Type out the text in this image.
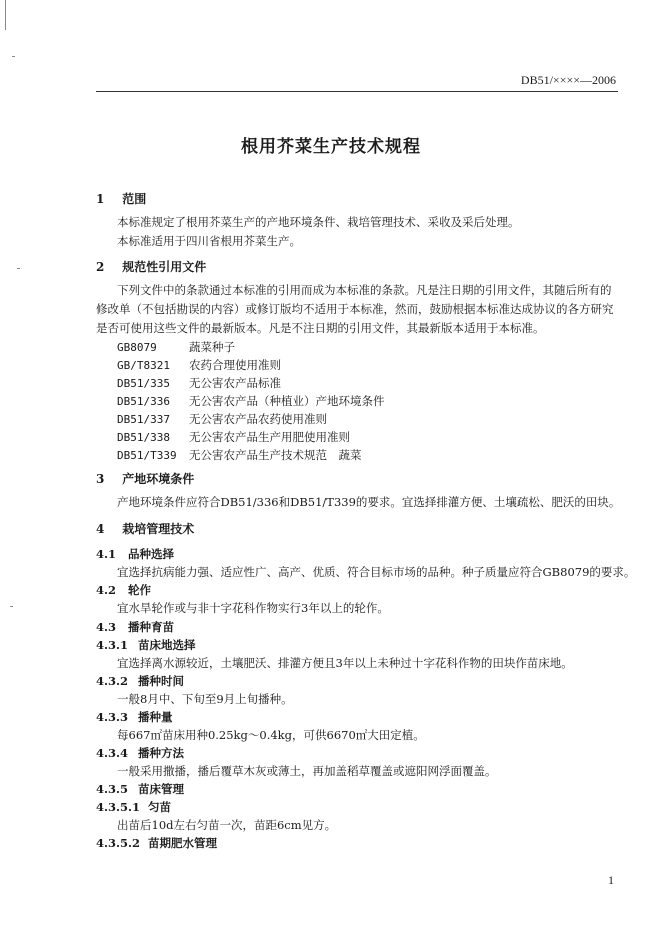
DB51/××××—2006
根用芥菜生产技术规程
1 范围
本标准规定了根用芥菜生产的产地环境条件、栽培管理技术、采收及采后处理。
本标准适用于四川省根用芥菜生产。
2 规范性引用文件
下列文件中的条款通过本标准的引用而成为本标准的条款。凡是注日期的引用文件，其随后所有的
修改单（不包括勘误的内容）或修订版均不适用于本标准，然而，鼓励根据本标准达成协议的各方研究
是否可使用这些文件的最新版本。凡是不注日期的引用文件，其最新版本适用于本标准。
GB8079	蔬菜种子
GB/T8321 农药合理使用准则
DB51/335 无公害农产品标准
DB51/336 无公害农产品（种植业）产地环境条件
DB51/337 无公害农产品农药使用准则
DB51/338 无公害农产品生产用肥使用准则
DB51/T339 无公害农产品生产技术规范　蔬菜
3 产地环境条件
产地环境条件应符合DB51/336和DB51/T339的要求。宜选择排灌方便、土壤疏松、肥沃的田块。
4 栽培管理技术
4.1 品种选择
宜选择抗病能力强、适应性广、高产、优质、符合目标市场的品种。种子质量应符合GB8079的要求。
4.2 轮作
宜水旱轮作或与非十字花科作物实行3年以上的轮作。
4.3 播种育苗
4.3.1 苗床地选择
宜选择离水源较近，土壤肥沃、排灌方便且3年以上未种过十字花科作物的田块作苗床地。
4.3.2 播种时间
一般8月中、下旬至9月上旬播种。
4.3.3 播种量
每667㎡苗床用种0.25kg～0.4kg，可供6670㎡大田定植。
4.3.4 播种方法
一般采用撒播，播后覆草木灰或薄土，再加盖稻草覆盖或遮阳网浮面覆盖。
4.3.5 苗床管理
4.3.5.1 匀苗
出苗后10d左右匀苗一次，苗距6cm见方。
4.3.5.2 苗期肥水管理
1
